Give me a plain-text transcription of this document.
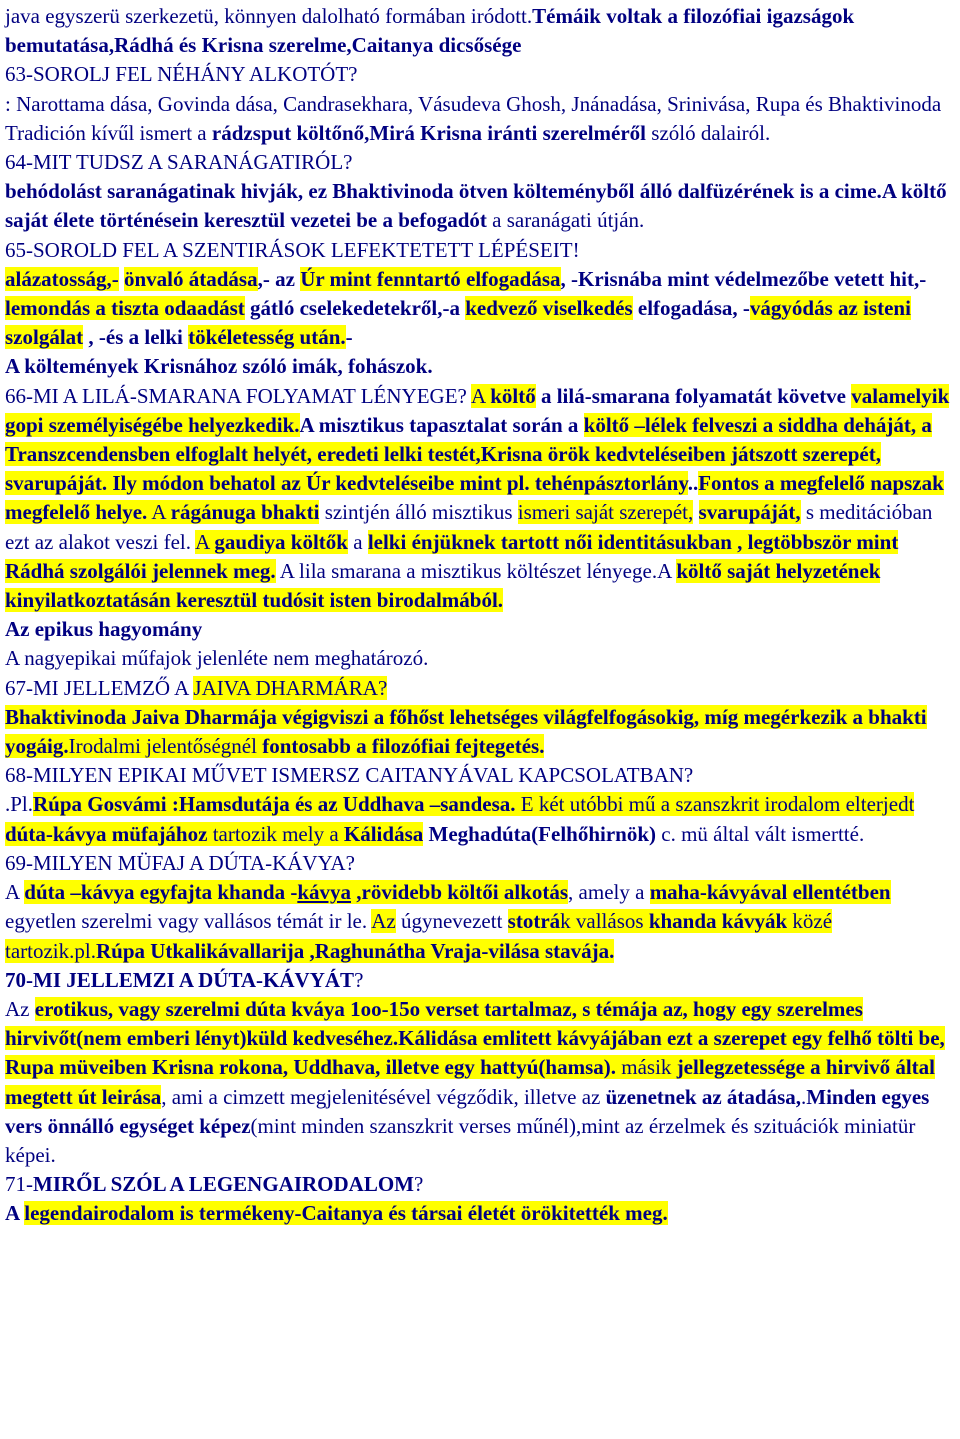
java egyszerü szerkezetü, könnyen dalolható formában iródott.Témáik voltak a filozófiai igazságok bemutatása,Rádhá és Krisna szerelme,Caitanya dicsősége

63-SOROLJ FEL NÉHÁNY ALKOTÓT?

: Narottama dása, Govinda dása, Candrasekhara, Vásudeva Ghosh, Jnánadása, Srinivása, Rupa és Bhaktivinoda

Tradición kívűl ismert a rádzsput költőnő,Mirá Krisna iránti szerelméről szóló dalairól.

64-MIT TUDSZ A SARANÁGATIRÓL?

behódolást saranágatinak hivják, ez Bhaktivinoda ötven költeményből álló dalfüzérének is a cime.A költő saját élete történésein keresztül vezetei be a befogadót a saranágati útján.

65-SOROLD FEL A SZENTIRÁSOK LEFEKTETETT LÉPÉSEIT!

alázatosság,- önvaló átadása,- az Úr mint fenntartó elfogadása, -Krisnába mint védelmezőbe vetett hit,- lemondás a tiszta odaadást gátló cselekedetekről,-a kedvező viselkedés elfogadása, -vágyódás az isteni szolgálat , -és a lelki tökéletesség után.-

A költemények Krisnához szóló imák, fohászok.

66-MI A LILÁ-SMARANA FOLYAMAT LÉNYEGE? A költő a lilá-smarana folyamatát követve valamelyik gopi személyiségébe helyezkedik.A misztikus tapasztalat során a költő –lélek felveszi a siddha deháját, a Transzcendensben elfoglalt helyét, eredeti lelki testét,Krisna örök kedvteléseiben játszott szerepét, svarupáját. Ily módon behatol az Úr kedvteléseibe mint pl. tehénpásztorlány..Fontos a megfelelő napszak megfelelő helye. A rágánuga bhakti szintjén álló misztikus ismeri saját szerepét, svarupáját, s meditációban ezt az alakot veszi fel. A gaudiya költők a lelki énjüknek tartott női identitásukban , legtöbbször mint Rádhá szolgálói jelennek meg. A lila smarana a misztikus költészet lényege.A költő saját helyzetének kinyilatkoztatásán keresztül tudósit isten birodalmából.

Az epikus hagyomány

A nagyepikai műfajok jelenléte nem meghatározó.

67-MI JELLEMZŐ A JAIVA DHARMÁRA?

Bhaktivinoda Jaiva Dharmája végigviszi a főhőst lehetséges világfelfogásokig, míg megérkezik a bhakti yogáig.Irodalmi jelentőségnél fontosabb a filozófiai fejtegetés.

68-MILYEN EPIKAI MŰVET ISMERSZ CAITANYÁVAL KAPCSOLATBAN?

.Pl.Rúpa Gosvámi :Hamsdutája és az Uddhava –sandesa. E két utóbbi mű a szanszkrit irodalom elterjedt dúta-kávya müfajához tartozik mely a Kálidása Meghadúta(Felhőhirnök) c. mü által vált ismertté.

69-MILYEN MÜFAJ A DÚTA-KÁVYA?

A dúta –kávya egyfajta khanda -kávya ,rövidebb költői alkotás, amely a maha-kávyával ellentétben egyetlen szerelmi vagy vallásos témát ir le. Az úgynevezett stotrák vallásos khanda kávyák közé tartozik.pl.Rúpa Utkalikávallarija ,Raghunátha Vraja-vilása stavája.

70-MI JELLEMZI A DÚTA-KÁVYÁT?

Az erotikus, vagy szerelmi dúta kváya 1oo-15o verset tartalmaz, s témája az, hogy egy szerelmes hirvivőt(nem emberi lényt)küld kedveséhez.Kálidása emlitett kávyájában ezt a szerepet egy felhő tölti be, Rupa müveiben Krisna rokona, Uddhava, illetve egy hattyú(hamsa). másik jellegzetessége a hirvivő által megtett út leirása, ami a cimzett megjelenitésével végződik, illetve az üzenetnek az átadása,.Minden egyes vers önnálló egységet képez(mint minden szanszkrit verses műnél),mint az érzelmek és szituációk miniatür képei.

71-MIRŐL SZÓL A LEGENGAIRODALOM?

A legendairodalom is termékeny-Caitanya és társai életét örökitették meg.
